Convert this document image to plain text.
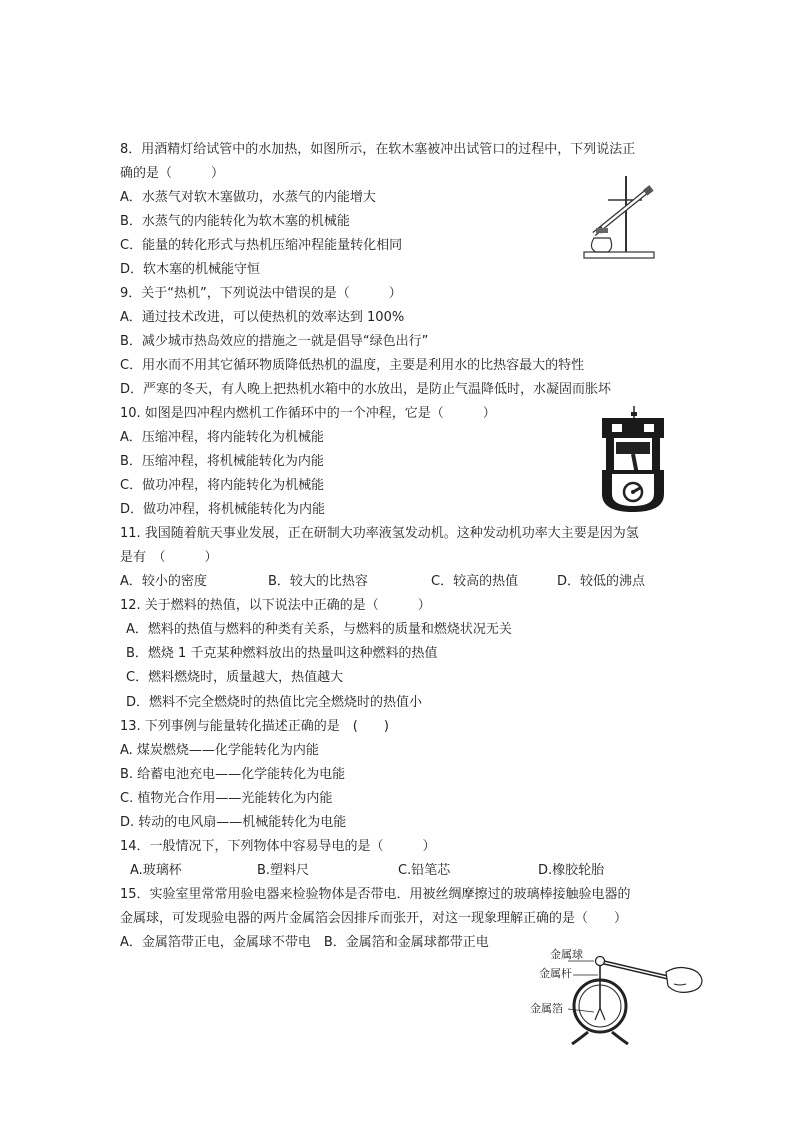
8．用酒精灯给试管中的水加热，如图所示，在软木塞被冲出试管口的过程中，下列说法正
确的是（　　　）
A．水蒸气对软木塞做功，水蒸气的内能增大
B．水蒸气的内能转化为软木塞的机械能
C．能量的转化形式与热机压缩冲程能量转化相同
D．软木塞的机械能守恒
9．关于“热机”，下列说法中错误的是（　　　）
A．通过技术改进，可以使热机的效率达到 100%
B．减少城市热岛效应的措施之一就是倡导“绿色出行”
C．用水而不用其它循环物质降低热机的温度，主要是利用水的比热容最大的特性
D．严寒的冬天，有人晚上把热机水箱中的水放出，是防止气温降低时，水凝固而胀坏
10. 如图是四冲程内燃机工作循环中的一个冲程，它是（　　　）
A．压缩冲程，将内能转化为机械能
B．压缩冲程，将机械能转化为内能
C．做功冲程，将内能转化为机械能
D．做功冲程，将机械能转化为内能
11. 我国随着航天事业发展，正在研制大功率液氢发动机。这种发动机功率大主要是因为氢
是有　（　　　）
A．较小的密度	B．较大的比热容	C．较高的热值	D．较低的沸点
12. 关于燃料的热值，以下说法中正确的是（　　　）
A．燃料的热值与燃料的种类有关系，与燃料的质量和燃烧状况无关
B．燃烧 1 千克某种燃料放出的热量叫这种燃料的热值
C．燃料燃烧时，质量越大，热值越大
D．燃料不完全燃烧时的热值比完全燃烧时的热值小
13. 下列事例与能量转化描述正确的是　(　　)
A. 煤炭燃烧——化学能转化为内能
B. 给蓄电池充电——化学能转化为电能
C. 植物光合作用——光能转化为内能
D. 转动的电风扇——机械能转化为电能
14．一般情况下，下列物体中容易导电的是（　　　）
A.玻璃杯	B.塑料尺	C.铅笔芯	D.橡胶轮胎
15．实验室里常常用验电器来检验物体是否带电．用被丝绸摩擦过的玻璃棒接触验电器的
金属球，可发现验电器的两片金属箔会因排斥而张开，对这一现象理解正确的是（　　）
A．金属箔带正电，金属球不带电　B．金属箔和金属球都带正电
金属球
金属杆
金属箔
